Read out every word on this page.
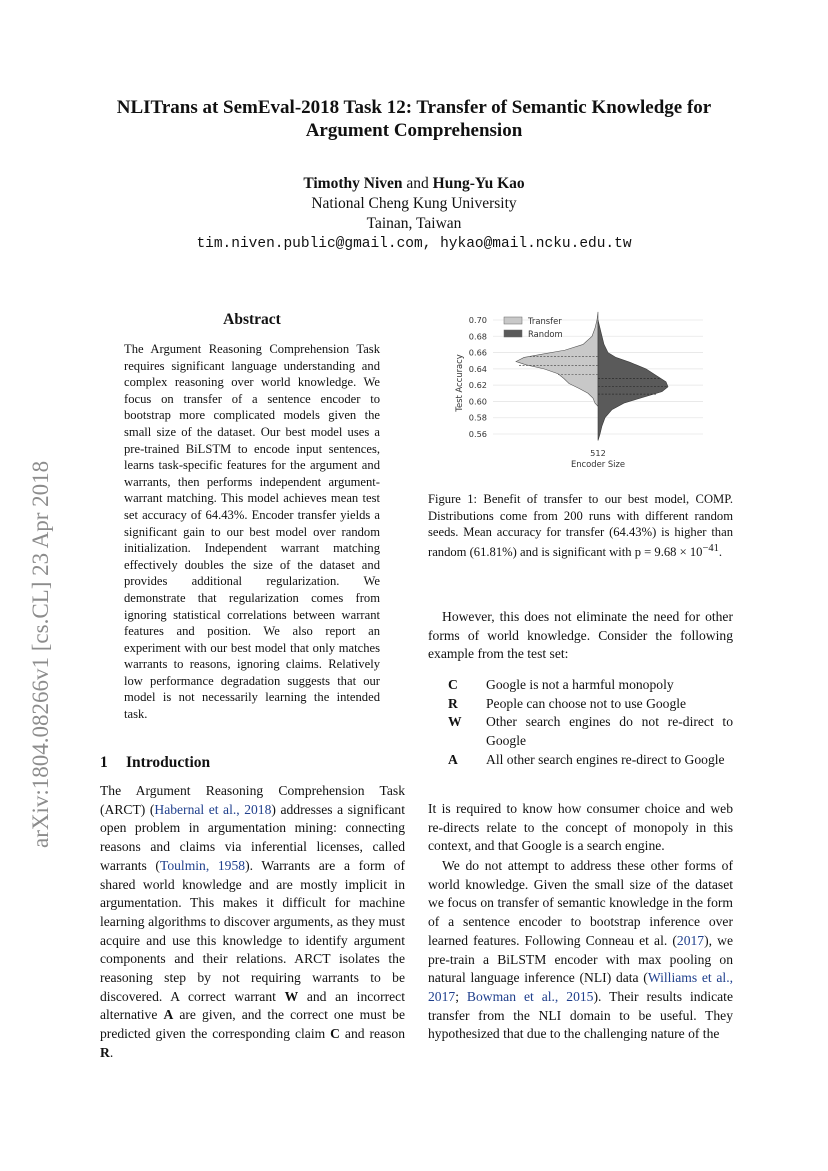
arXiv:1804.08266v1 [cs.CL] 23 Apr 2018
NLITrans at SemEval-2018 Task 12: Transfer of Semantic Knowledge for
Argument Comprehension
Timothy Niven and Hung-Yu Kao
National Cheng Kung University
Tainan, Taiwan
tim.niven.public@gmail.com, hykao@mail.ncku.edu.tw
Abstract
The Argument Reasoning Comprehension Task requires significant language understanding and complex reasoning over world knowledge. We focus on transfer of a sentence encoder to bootstrap more complicated models given the small size of the dataset. Our best model uses a pre-trained BiLSTM to encode input sentences, learns task-specific features for the argument and warrants, then performs independent argument-warrant matching. This model achieves mean test set accuracy of 64.43%. Encoder transfer yields a significant gain to our best model over random initialization. Independent warrant matching effectively doubles the size of the dataset and provides additional regularization. We demonstrate that regularization comes from ignoring statistical correlations between warrant features and position. We also report an experiment with our best model that only matches warrants to reasons, ignoring claims. Relatively low performance degradation suggests that our model is not necessarily learning the intended task.
1 Introduction
The Argument Reasoning Comprehension Task (ARCT) (Habernal et al., 2018) addresses a significant open problem in argumentation mining: connecting reasons and claims via inferential licenses, called warrants (Toulmin, 1958). Warrants are a form of shared world knowledge and are mostly implicit in argumentation. This makes it difficult for machine learning algorithms to discover arguments, as they must acquire and use this knowledge to identify argument components and their relations. ARCT isolates the reasoning step by not requiring warrants to be discovered. A correct warrant W and an incorrect alternative A are given, and the correct one must be predicted given the corresponding claim C and reason R.
0.70
0.68
0.66
0.64
0.62
0.60
0.58
0.56
Test Accuracy
Transfer
Random
512
Encoder Size
Figure 1: Benefit of transfer to our best model, COMP. Distributions come from 200 runs with different random seeds. Mean accuracy for transfer (64.43%) is higher than random (61.81%) and is significant with $p = 9.68 \times 10^{-41}$.
However, this does not eliminate the need for other forms of world knowledge. Consider the following example from the test set:
C	Google is not a harmful monopoly
R	People can choose not to use Google
W	Other search engines do not re-direct to Google
A	All other search engines re-direct to Google
It is required to know how consumer choice and web re-directs relate to the concept of monopoly in this context, and that Google is a search engine.
We do not attempt to address these other forms of world knowledge. Given the small size of the dataset we focus on transfer of semantic knowledge in the form of a sentence encoder to bootstrap inference over learned features. Following Conneau et al. (2017), we pre-train a BiLSTM encoder with max pooling on natural language inference (NLI) data (Williams et al., 2017; Bowman et al., 2015). Their results indicate transfer from the NLI domain to be useful. They hypothesized that due to the challenging nature of the
